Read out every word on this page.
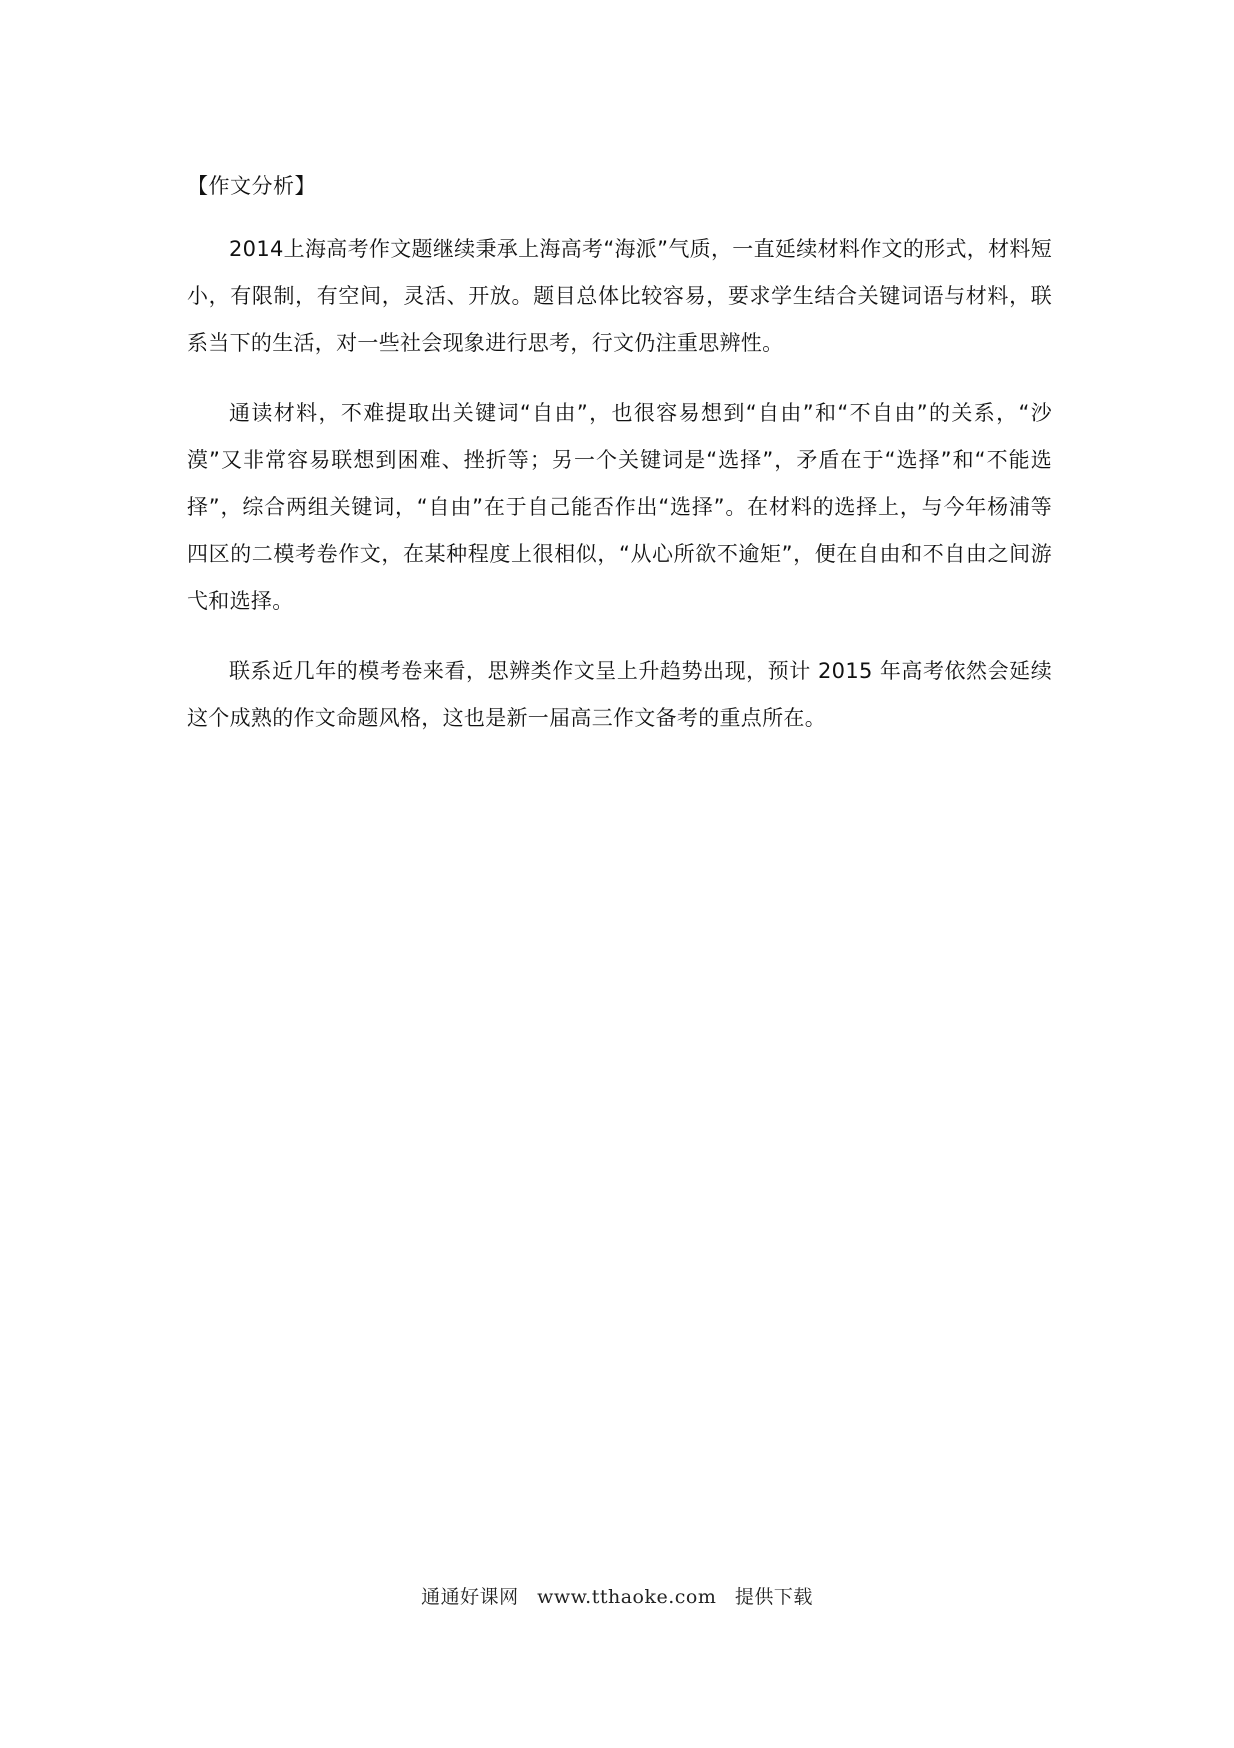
【作文分析】

2014上海高考作文题继续秉承上海高考“海派”气质，一直延续材料作文的形式，材料短小，有限制，有空间，灵活、开放。题目总体比较容易，要求学生结合关键词语与材料，联系当下的生活，对一些社会现象进行思考，行文仍注重思辨性。

通读材料，不难提取出关键词“自由”，也很容易想到“自由”和“不自由”的关系，“沙漠”又非常容易联想到困难、挫折等；另一个关键词是“选择”，矛盾在于“选择”和“不能选择”，综合两组关键词，“自由”在于自己能否作出“选择”。在材料的选择上，与今年杨浦等四区的二模考卷作文，在某种程度上很相似，“从心所欲不逾矩”，便在自由和不自由之间游弋和选择。

联系近几年的模考卷来看，思辨类作文呈上升趋势出现，预计 2015 年高考依然会延续这个成熟的作文命题风格，这也是新一届高三作文备考的重点所在。

通通好课网 www.tthaoke.com 提供下载
